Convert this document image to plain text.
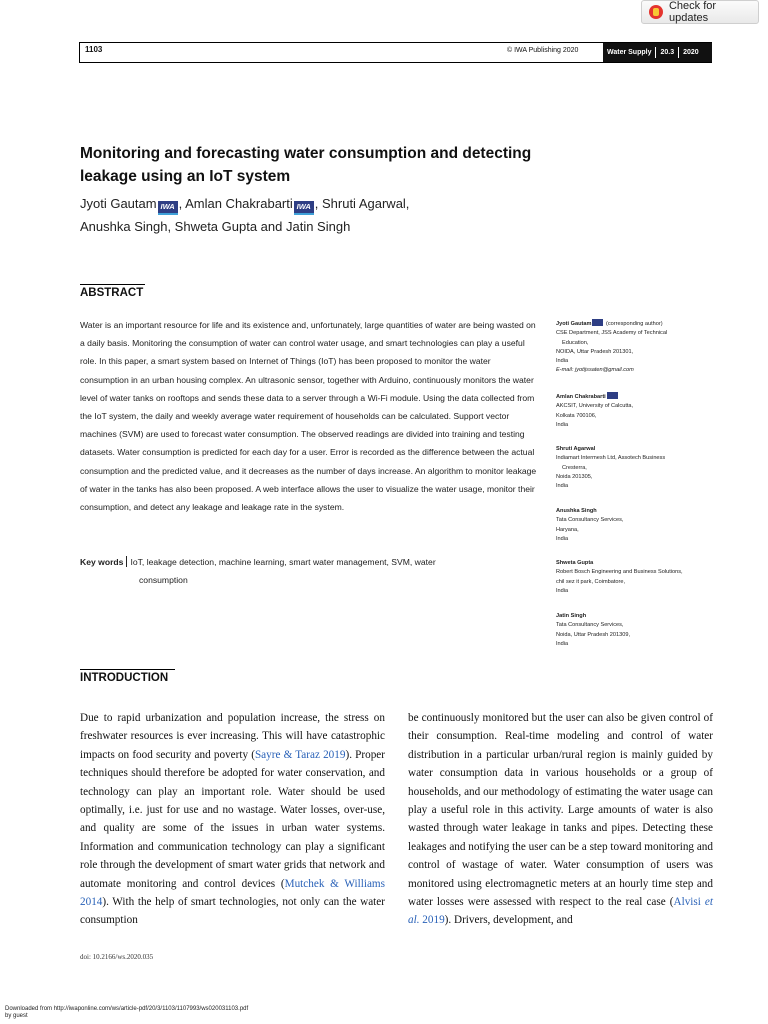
Check for updates
1103	© IWA Publishing 2020	Water Supply	20.3	2020
Monitoring and forecasting water consumption and detecting leakage using an IoT system
Jyoti Gautam IWA , Amlan Chakrabarti IWA , Shruti Agarwal,
Anushka Singh, Shweta Gupta and Jatin Singh
ABSTRACT
Water is an important resource for life and its existence and, unfortunately, large quantities of water are being wasted on a daily basis. Monitoring the consumption of water can control water usage, and smart technologies can play a useful role. In this paper, a smart system based on Internet of Things (IoT) has been proposed to monitor the water consumption in an urban housing complex. An ultrasonic sensor, together with Arduino, continuously monitors the water level of water tanks on rooftops and sends these data to a server through a Wi-Fi module. Using the data collected from the IoT system, the daily and weekly average water requirement of households can be calculated. Support vector machines (SVM) are used to forecast water consumption. The observed readings are divided into training and testing datasets. Water consumption is predicted for each day for a user. Error is recorded as the difference between the actual consumption and the predicted value, and it decreases as the number of days increase. An algorithm to monitor leakage of water in the tanks has also been proposed. A web interface allows the user to visualize the water usage, monitor their consumption, and detect any leakage and leakage rate in the system.
Key words IoT, leakage detection, machine learning, smart water management, SVM, water
consumption
Jyoti Gautam (corresponding author)
CSE Department, JSS Academy of Technical
Education,
NOIDA, Uttar Pradesh 201301,
India
E-mail: jyotijssaten@gmail.com
Amlan Chakrabarti
AKCSIT, University of Calcutta,
Kolkata 700106,
India
Shruti Agarwal
Indiamart Intermesh Ltd, Assotech Business
Cresterra,
Noida 201305,
India
Anushka Singh
Tata Consultancy Services,
Haryana,
India
Shweta Gupta
Robert Bosch Engineering and Business Solutions,
chil sez it park, Coimbatore,
India
Jatin Singh
Tata Consultancy Services,
Noida, Uttar Pradesh 201309,
India
INTRODUCTION
Due to rapid urbanization and population increase, the stress on freshwater resources is ever increasing. This will have catastrophic impacts on food security and poverty (Sayre & Taraz 2019). Proper techniques should therefore be adopted for water conservation, and technology can play an important role. Water should be used optimally, i.e. just for use and no wastage. Water losses, over-use, and quality are some of the issues in urban water systems. Information and communication technology can play a significant role through the development of smart water grids that network and automate monitoring and control devices (Mutchek & Williams 2014). With the help of smart technologies, not only can the water consumption
be continuously monitored but the user can also be given control of their consumption. Real-time modeling and control of water distribution in a particular urban/rural region is mainly guided by water consumption data in various households or a group of households, and our methodology of estimating the water usage can play a useful role in this activity. Large amounts of water is also wasted through water leakage in tanks and pipes. Detecting these leakages and notifying the user can be a step toward monitoring and control of wastage of water. Water consumption of users was monitored using electromagnetic meters at an hourly time step and water losses were assessed with respect to the real case (Alvisi et al. 2019). Drivers, development, and
doi: 10.2166/ws.2020.035
Downloaded from http://iwaponline.com/ws/article-pdf/20/3/1103/1107993/ws020031103.pdf
by guest
